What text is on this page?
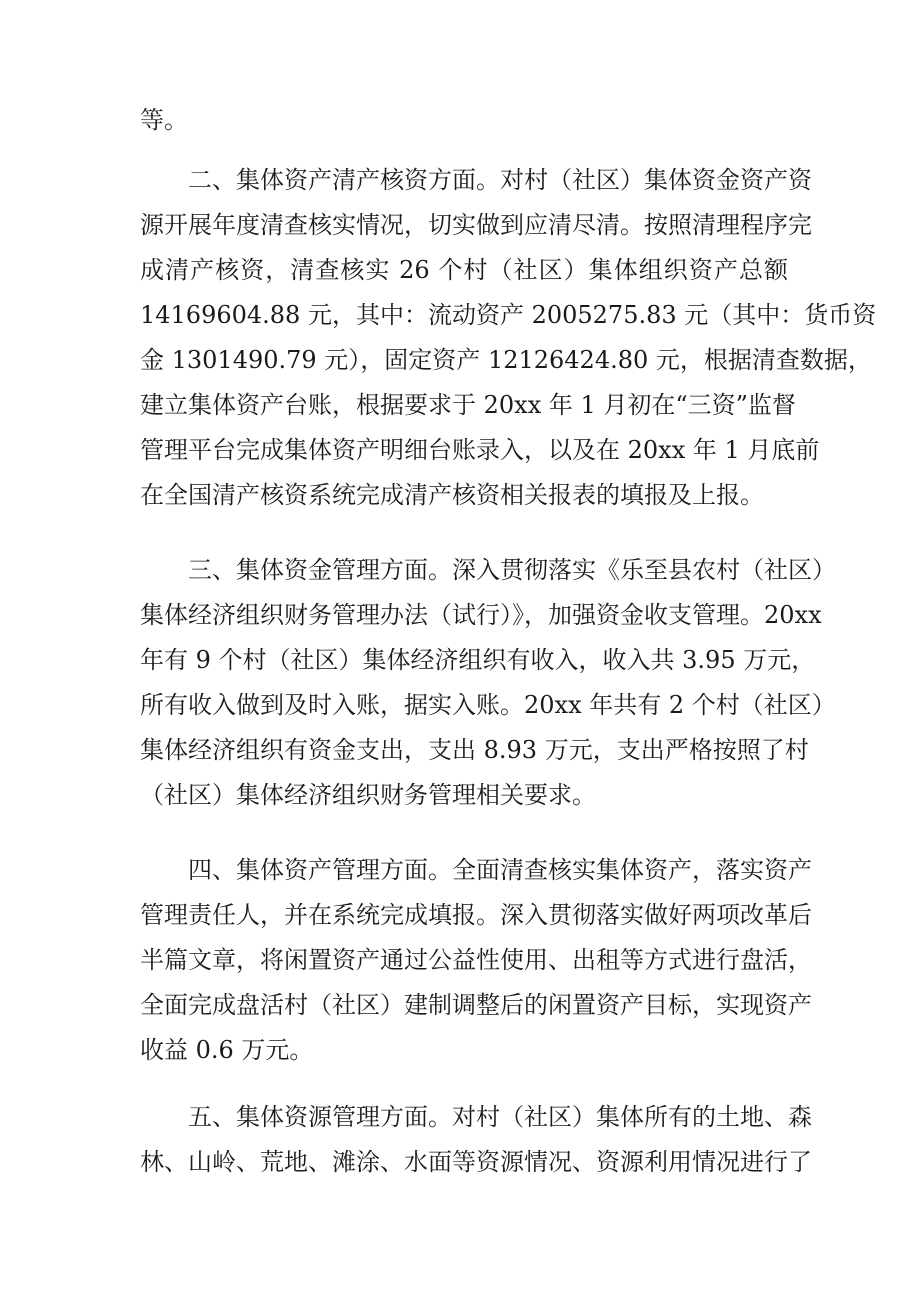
等。
二、集体资产清产核资方面。对村（社区）集体资金资产资
源开展年度清查核实情况，切实做到应清尽清。按照清理程序完
成清产核资，清查核实 26 个村（社区）集体组织资产总额
14169604.88 元，其中：流动资产 2005275.83 元（其中：货币资
金 1301490.79 元），固定资产 12126424.80 元，根据清查数据，
建立集体资产台账，根据要求于 20xx 年 1 月初在“三资”监督
管理平台完成集体资产明细台账录入，以及在 20xx 年 1 月底前
在全国清产核资系统完成清产核资相关报表的填报及上报。
三、集体资金管理方面。深入贯彻落实《乐至县农村（社区）
集体经济组织财务管理办法（试行）》，加强资金收支管理。20xx
年有 9 个村（社区）集体经济组织有收入，收入共 3.95 万元，
所有收入做到及时入账，据实入账。20xx 年共有 2 个村（社区）
集体经济组织有资金支出，支出 8.93 万元，支出严格按照了村
（社区）集体经济组织财务管理相关要求。
四、集体资产管理方面。全面清查核实集体资产，落实资产
管理责任人，并在系统完成填报。深入贯彻落实做好两项改革后
半篇文章，将闲置资产通过公益性使用、出租等方式进行盘活，
全面完成盘活村（社区）建制调整后的闲置资产目标，实现资产
收益 0.6 万元。
五、集体资源管理方面。对村（社区）集体所有的土地、森
林、山岭、荒地、滩涂、水面等资源情况、资源利用情况进行了
